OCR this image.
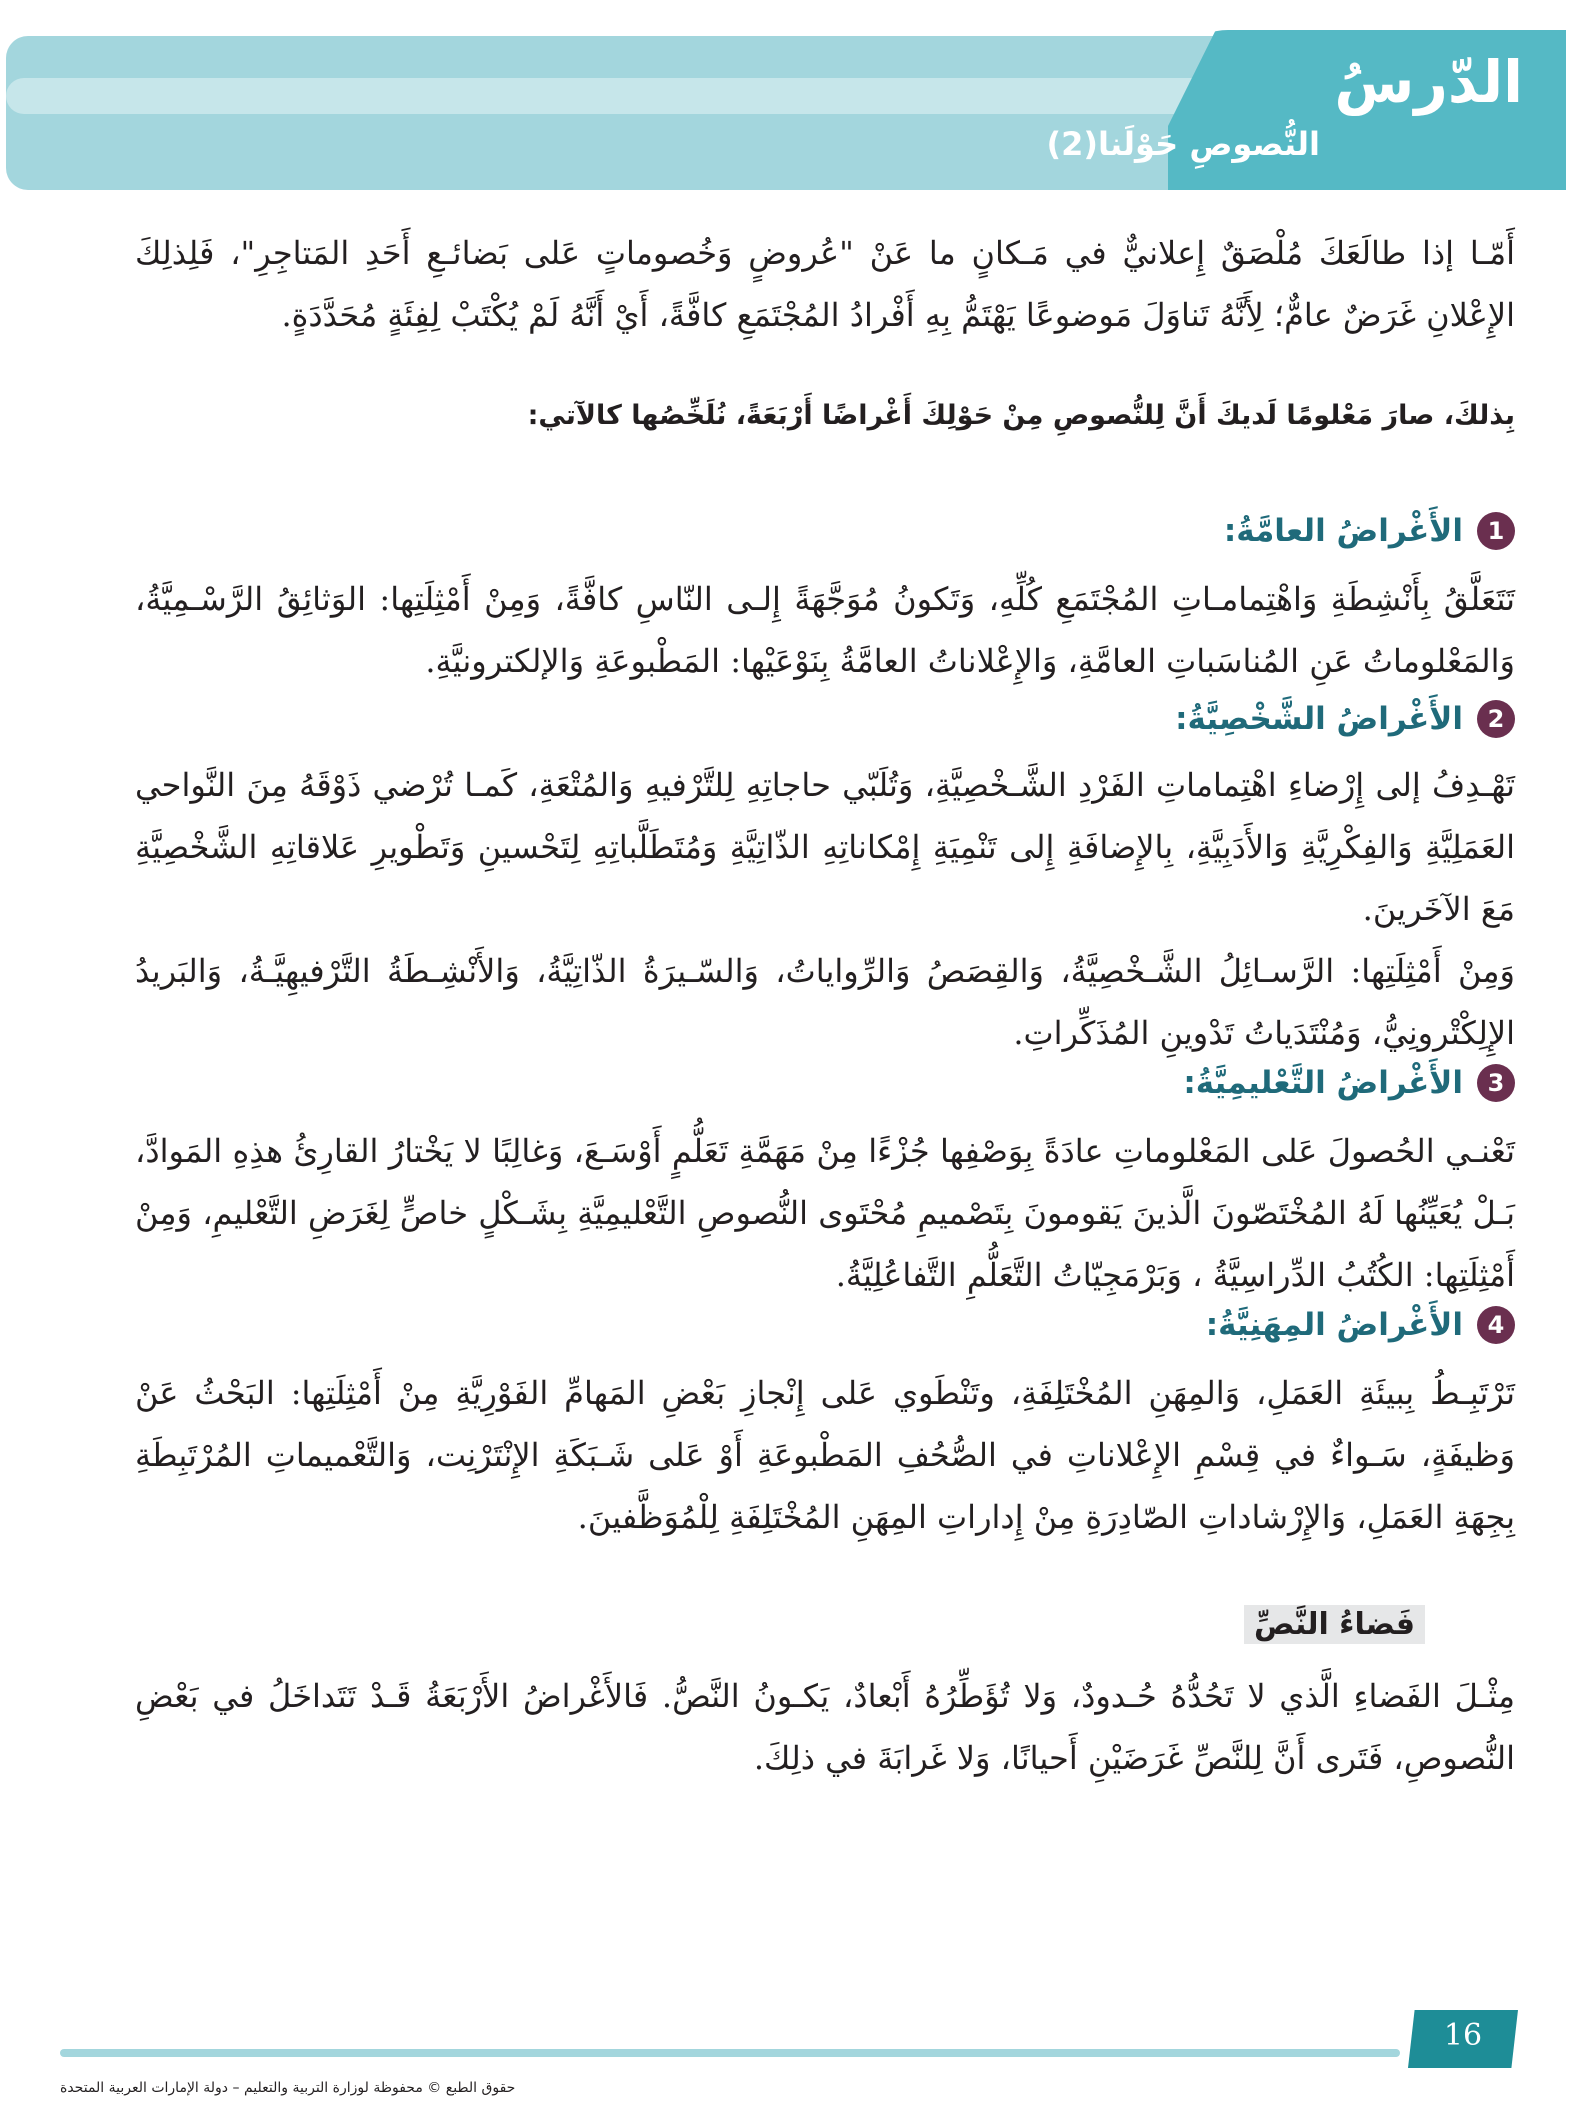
الدّرسُ
النُّصوصِ حَوْلَنا(2)

أَمّـا إذا طالَعَكَ مُلْصَقٌ إِعلانيٌّ في مَـكانٍ ما عَنْ "عُروضٍ وَخُصوماتٍ عَلى بَضائـعِ أَحَدِ المَتاجِرِ"، فَلِذلِكَ الإِعْلانِ غَرَضٌ عامٌّ؛ لِأَنَّهُ تَناوَلَ مَوضوعًا يَهْتَمُّ بِهِ أَفْرادُ المُجْتَمَعِ كافَّةً، أَيْ أَنَّهُ لَمْ يُكْتَبْ لِفِئَةٍ مُحَدَّدَةٍ.

بِذلكَ، صارَ مَعْلومًا لَديكَ أَنَّ لِلنُّصوصِ مِنْ حَوْلِكَ أَغْراضًا أَرْبَعَةً، نُلَخِّصُها كالآتي:

1
الأَغْراضُ العامَّةُ:

تَتَعَلَّقُ بِأَنْشِطَةِ وَاهْتِمامـاتِ المُجْتَمَعِ كُلِّهِ، وَتَكونُ مُوَجَّهَةً إِلـى النّاسِ كافَّةً، وَمِنْ أَمْثِلَتِها: الوَثائِقُ الرَّسْـمِيَّةُ، وَالمَعْلوماتُ عَنِ المُناسَباتِ العامَّةِ، وَالإِعْلاناتُ العامَّةُ بِنَوْعَيْها: المَطْبوعَةِ وَالإلكترونيَّةِ.

2
الأَغْراضُ الشَّخْصِيَّةُ:

تَهْـدِفُ إلى إِرْضاءِ اهْتِماماتِ الفَرْدِ الشَّـخْصِيَّةِ، وَتُلَبّي حاجاتِهِ لِلتَّرْفيهِ وَالمُتْعَةِ، كَمـا تُرْضي ذَوْقَهُ مِنَ النَّواحي العَمَلِيَّةِ وَالفِكْرِيَّةِ وَالأَدَبِيَّةِ، بِالإِضافَةِ إِلى تَنْمِيَةِ إِمْكاناتِهِ الذّاتِيَّةِ وَمُتَطَلَّباتِهِ لِتَحْسينِ وَتَطْويرِ عَلاقاتِهِ الشَّخْصِيَّةِ مَعَ الآخَرينَ.

وَمِنْ أَمْثِلَتِها: الرَّسـائِلُ الشَّـخْصِيَّةُ، وَالقِصَصُ وَالرِّواياتُ، وَالسّـيرَةُ الذّاتِيَّةُ، وَالأَنْشِـطَةُ التَّرْفيهِيَّـةُ، وَالبَريدُ الإِلِكْتْرونِيُّ، وَمُنْتَدَياتُ تَدْوينِ المُذَكِّراتِ.

3
الأَغْراضُ التَّعْليمِيَّةُ:

تَعْنـي الحُصولَ عَلى المَعْلوماتِ عادَةً بِوَصْفِها جُزْءًا مِنْ مَهَمَّةِ تَعَلُّمٍ أَوْسَـعَ، وَغالِبًا لا يَخْتارُ القارِئُ هذِهِ المَوادَّ، بَـلْ يُعَيِّنُها لَهُ المُخْتَصّونَ الَّذينَ يَقومونَ بِتَصْميمِ مُحْتَوى النُّصوصِ التَّعْليمِيَّةِ بِشَـكْلٍ خاصٍّ لِغَرَضِ التَّعْليمِ، وَمِنْ أَمْثِلَتِها: الكُتُبُ الدِّراسِيَّةُ ، وَبَرْمَجِيّاتُ التَّعَلُّمِ التَّفاعُلِيَّةُ.

4
الأَغْراضُ المِهَنِيَّةُ:

تَرْتَبِـطُ بِبيئَةِ العَمَلِ، وَالمِهَنِ المُخْتَلِفَةِ، وتَنْطَوي عَلى إِنْجازِ بَعْضِ المَهامِّ الفَوْرِيَّةِ مِنْ أَمْثِلَتِها: البَحْثُ عَنْ وَظيفَةٍ، سَـواءٌ في قِسْمِ الإِعْلاناتِ في الصُّحُفِ المَطْبوعَةِ أَوْ عَلى شَـبَكَةِ الإِنْتَرْنِت، وَالتَّعْميماتِ المُرْتَبِطَةِ بِجِهَةِ العَمَلِ، وَالإِرْشاداتِ الصّادِرَةِ مِنْ إِداراتِ المِهَنِ المُخْتَلِفَةِ لِلْمُوَظَّفينَ.

فَضاءُ النَّصِّ

مِثْـلَ الفَضاءِ الَّذي لا تَحُدُّهُ حُـدودٌ، وَلا تُؤَطِّرُهُ أَبْعادٌ، يَكـونُ النَّصُّ. فَالأَغْراضُ الأَرْبَعَةُ قَـدْ تَتَداخَلُ في بَعْضِ النُّصوصِ، فَتَرى أَنَّ لِلنَّصِّ غَرَضَيْنِ أَحيانًا، وَلا غَرابَةَ في ذلِكَ.

16
حقوق الطبع © محفوظة لوزارة التربية والتعليم – دولة الإمارات العربية المتحدة
